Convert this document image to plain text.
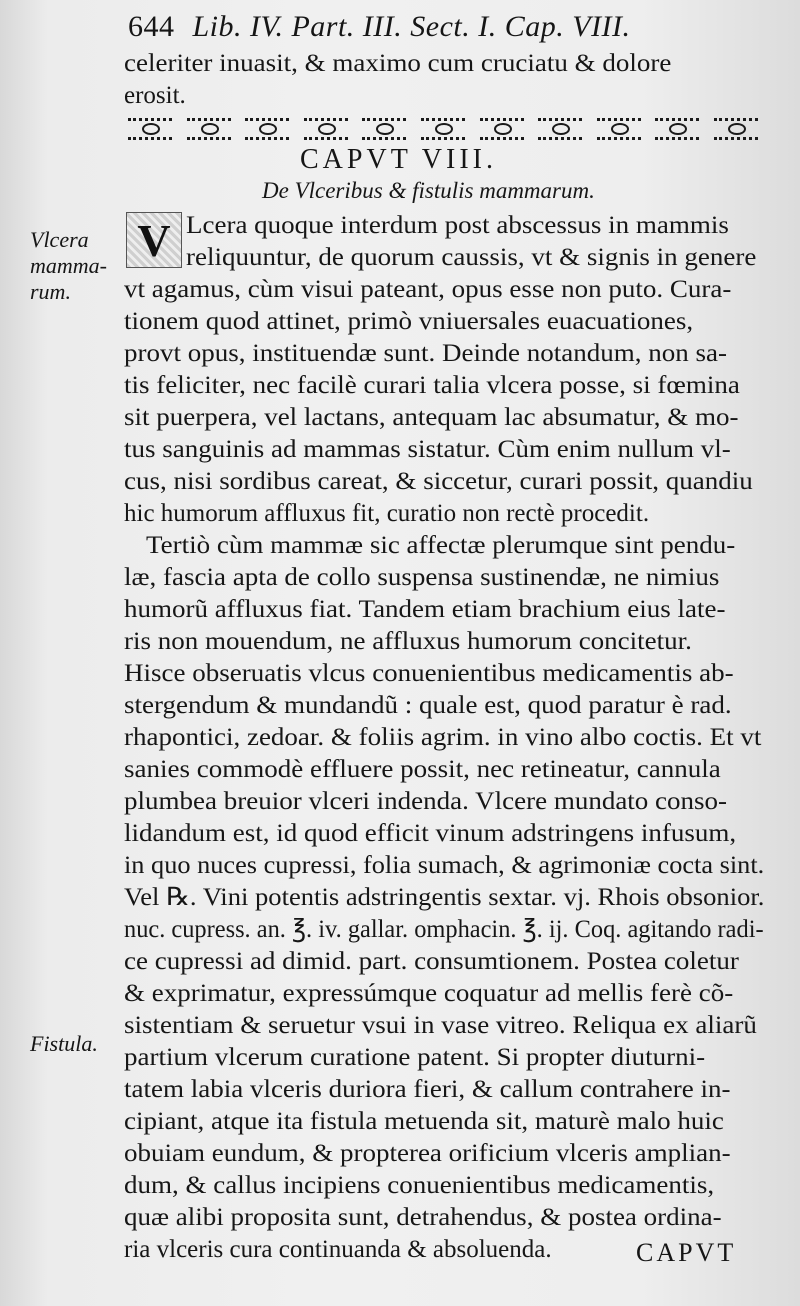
644 Lib. IV. Part. III. Sect. I. Cap. VIII.
celeriter inuasit, & maximo cum cruciatu & dolore
erosit.
CAPVT VIII.
De Vlceribus & fistulis mammarum.
V
Vlcera
mamma-
rum.
Fistula.
Lcera quoque interdum post abscessus in mammis
reliquuntur, de quorum caussis, vt & signis in genere
vt agamus, cùm visui pateant, opus esse non puto. Cura-
tionem quod attinet, primò vniuersales euacuationes,
provt opus, instituendæ sunt. Deinde notandum, non sa-
tis feliciter, nec facilè curari talia vlcera posse, si fœmina
sit puerpera, vel lactans, antequam lac absumatur, & mo-
tus sanguinis ad mammas sistatur. Cùm enim nullum vl-
cus, nisi sordibus careat, & siccetur, curari possit, quandiu
hic humorum affluxus fit, curatio non rectè procedit.
Tertiò cùm mammæ sic affectæ plerumque sint pendu-
læ, fascia apta de collo suspensa sustinendæ, ne nimius
humorũ affluxus fiat. Tandem etiam brachium eius late-
ris non mouendum, ne affluxus humorum concitetur.
Hisce obseruatis vlcus conuenientibus medicamentis ab-
stergendum & mundandũ : quale est, quod paratur è rad.
rhapontici, zedoar. & foliis agrim. in vino albo coctis. Et vt
sanies commodè effluere possit, nec retineatur, cannula
plumbea breuior vlceri indenda. Vlcere mundato conso-
lidandum est, id quod efficit vinum adstringens infusum,
in quo nuces cupressi, folia sumach, & agrimoniæ cocta sint.
Vel ℞. Vini potentis adstringentis sextar. vj. Rhois obsonior.
nuc. cupress. an. ℥. iv. gallar. omphacin. ℥. ij. Coq. agitando radi-
ce cupressi ad dimid. part. consumtionem. Postea coletur
& exprimatur, expressúmque coquatur ad mellis ferè cõ-
sistentiam & seruetur vsui in vase vitreo. Reliqua ex aliarũ
partium vlcerum curatione patent. Si propter diuturni-
tatem labia vlceris duriora fieri, & callum contrahere in-
cipiant, atque ita fistula metuenda sit, maturè malo huic
obuiam eundum, & propterea orificium vlceris amplian-
dum, & callus incipiens conuenientibus medicamentis,
quæ alibi proposita sunt, detrahendus, & postea ordina-
ria vlceris cura continuanda & absoluenda.	CAPVT
